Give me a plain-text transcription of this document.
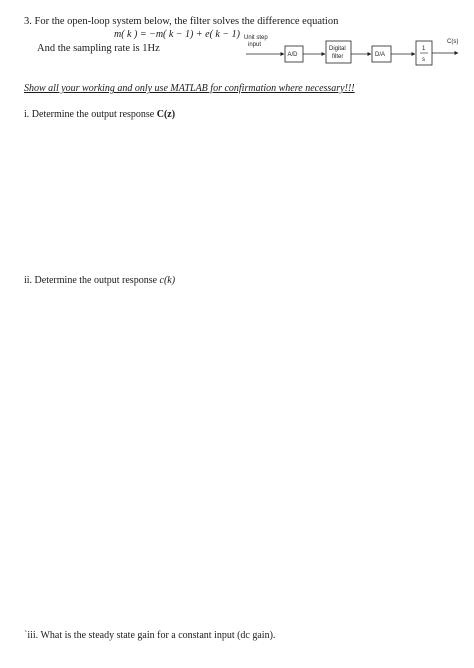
3. For the open-loop system below, the filter solves the difference equation
m( k ) = −m( k − 1) + e( k − 1)
And the sampling rate is 1Hz
Unit step
input
A/D
Digital
filter	D/A
1
s
C(s)
Show all your working and only use MATLAB for confirmation where necessary!!!
i. Determine the output response C(z)
ii. Determine the output response c(k)
`iii. What is the steady state gain for a constant input (dc gain).
